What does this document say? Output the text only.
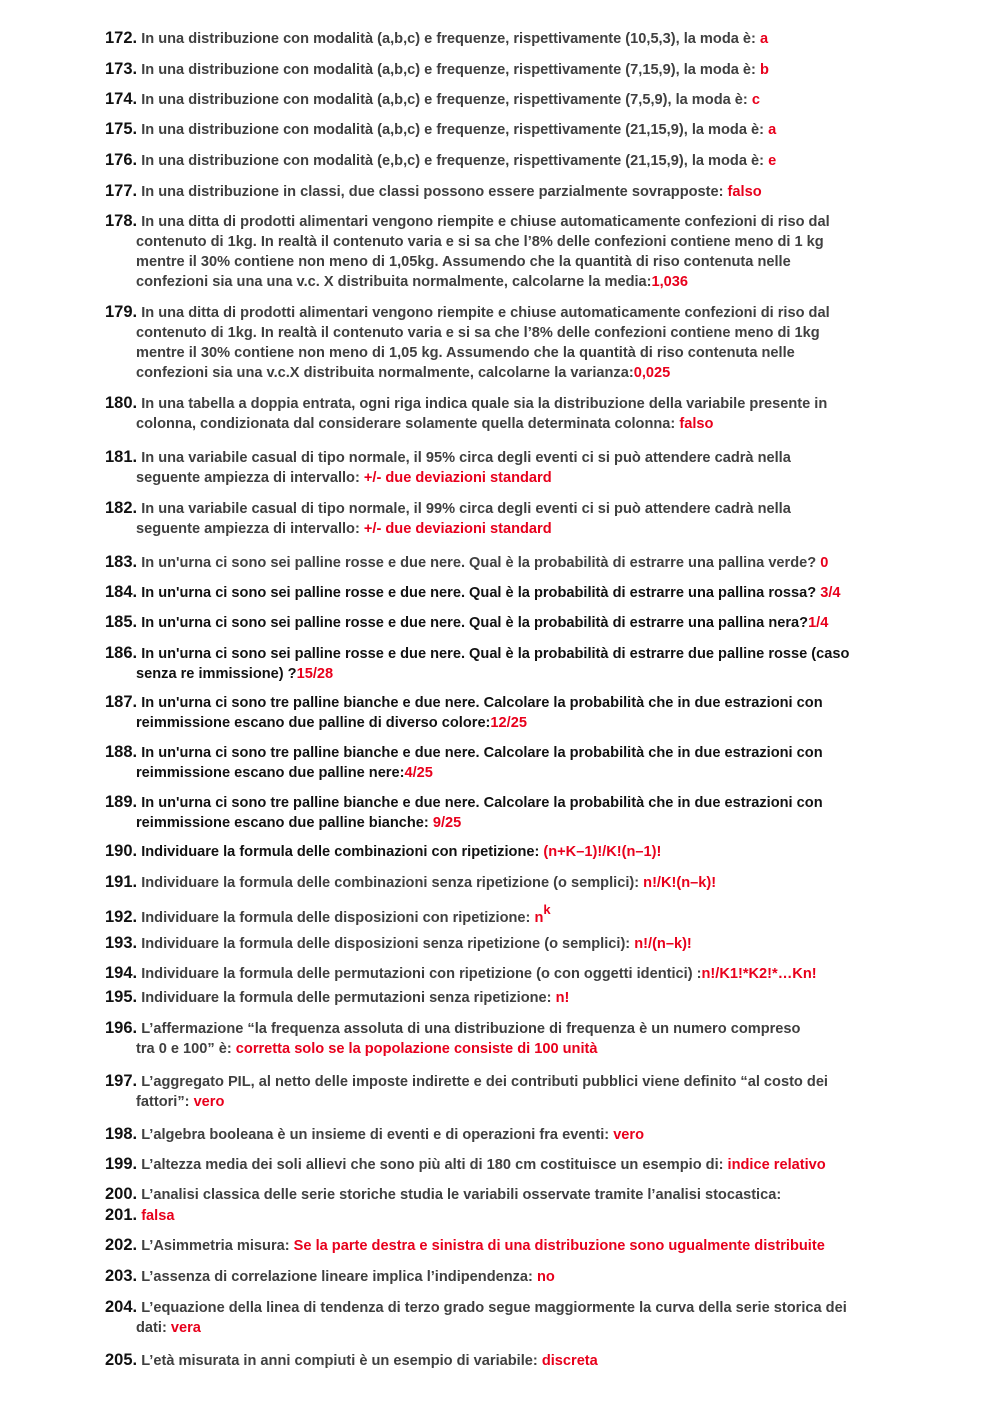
172. In una distribuzione con modalità (a,b,c) e frequenze, rispettivamente (10,5,3), la moda è: a
173. In una distribuzione con modalità (a,b,c) e frequenze, rispettivamente (7,15,9), la moda è: b
174. In una distribuzione con modalità (a,b,c) e frequenze, rispettivamente (7,5,9), la moda è: c
175. In una distribuzione con modalità (a,b,c) e frequenze, rispettivamente (21,15,9), la moda è: a
176. In una distribuzione con modalità (e,b,c) e frequenze, rispettivamente (21,15,9), la moda è: e
177. In una distribuzione in classi, due classi possono essere parzialmente sovrapposte: falso
178. In una ditta di prodotti alimentari vengono riempite e chiuse automaticamente confezioni di riso dal
contenuto di 1kg. In realtà il contenuto varia e si sa che l’8% delle confezioni contiene meno di 1 kg
mentre il 30% contiene non meno di 1,05kg. Assumendo che la quantità di riso contenuta nelle
confezioni sia una una v.c. X distribuita normalmente, calcolarne la media:1,036
179. In una ditta di prodotti alimentari vengono riempite e chiuse automaticamente confezioni di riso dal
contenuto di 1kg. In realtà il contenuto varia e si sa che l’8% delle confezioni contiene meno di 1kg
mentre il 30% contiene non meno di 1,05 kg. Assumendo che la quantità di riso contenuta nelle
confezioni sia una v.c.X distribuita normalmente, calcolarne la varianza:0,025
180. In una tabella a doppia entrata, ogni riga indica quale sia la distribuzione della variabile presente in
colonna, condizionata dal considerare solamente quella determinata colonna: falso
181. In una variabile casual di tipo normale, il 95% circa degli eventi ci si può attendere cadrà nella
seguente ampiezza di intervallo: +/- due deviazioni standard
182. In una variabile casual di tipo normale, il 99% circa degli eventi ci si può attendere cadrà nella
seguente ampiezza di intervallo: +/- due deviazioni standard
183. In un'urna ci sono sei palline rosse e due nere. Qual è la probabilità di estrarre una pallina verde? 0
184. In un'urna ci sono sei palline rosse e due nere. Qual è la probabilità di estrarre una pallina rossa? 3/4
185. In un'urna ci sono sei palline rosse e due nere. Qual è la probabilità di estrarre una pallina nera?1/4
186. In un'urna ci sono sei palline rosse e due nere. Qual è la probabilità di estrarre due palline rosse (caso
senza re immissione) ?15/28
187. In un'urna ci sono tre palline bianche e due nere. Calcolare la probabilità che in due estrazioni con
reimmissione escano due palline di diverso colore:12/25
188. In un'urna ci sono tre palline bianche e due nere. Calcolare la probabilità che in due estrazioni con
reimmissione escano due palline nere:4/25
189. In un'urna ci sono tre palline bianche e due nere. Calcolare la probabilità che in due estrazioni con
reimmissione escano due palline bianche: 9/25
190. Individuare la formula delle combinazioni con ripetizione: (n+K–1)!/K!(n–1)!
191. Individuare la formula delle combinazioni senza ripetizione (o semplici): n!/K!(n–k)!
192. Individuare la formula delle disposizioni con ripetizione: $n^k$
193. Individuare la formula delle disposizioni senza ripetizione (o semplici): n!/(n–k)!
194. Individuare la formula delle permutazioni con ripetizione (o con oggetti identici) :n!/K1!*K2!*…Kn!
195. Individuare la formula delle permutazioni senza ripetizione: n!
196. L’affermazione “la frequenza assoluta di una distribuzione di frequenza è un numero compreso
tra 0 e 100” è: corretta solo se la popolazione consiste di 100 unità
197. L’aggregato PIL, al netto delle imposte indirette e dei contributi pubblici viene definito “al costo dei
fattori”: vero
198. L’algebra booleana è un insieme di eventi e di operazioni fra eventi: vero
199. L’altezza media dei soli allievi che sono più alti di 180 cm costituisce un esempio di: indice relativo
200. L’analisi classica delle serie storiche studia le variabili osservate tramite l’analisi stocastica:
201. falsa
202. L’Asimmetria misura: Se la parte destra e sinistra di una distribuzione sono ugualmente distribuite
203. L’assenza di correlazione lineare implica l’indipendenza: no
204. L’equazione della linea di tendenza di terzo grado segue maggiormente la curva della serie storica dei
dati: vera
205. L’età misurata in anni compiuti è un esempio di variabile: discreta
